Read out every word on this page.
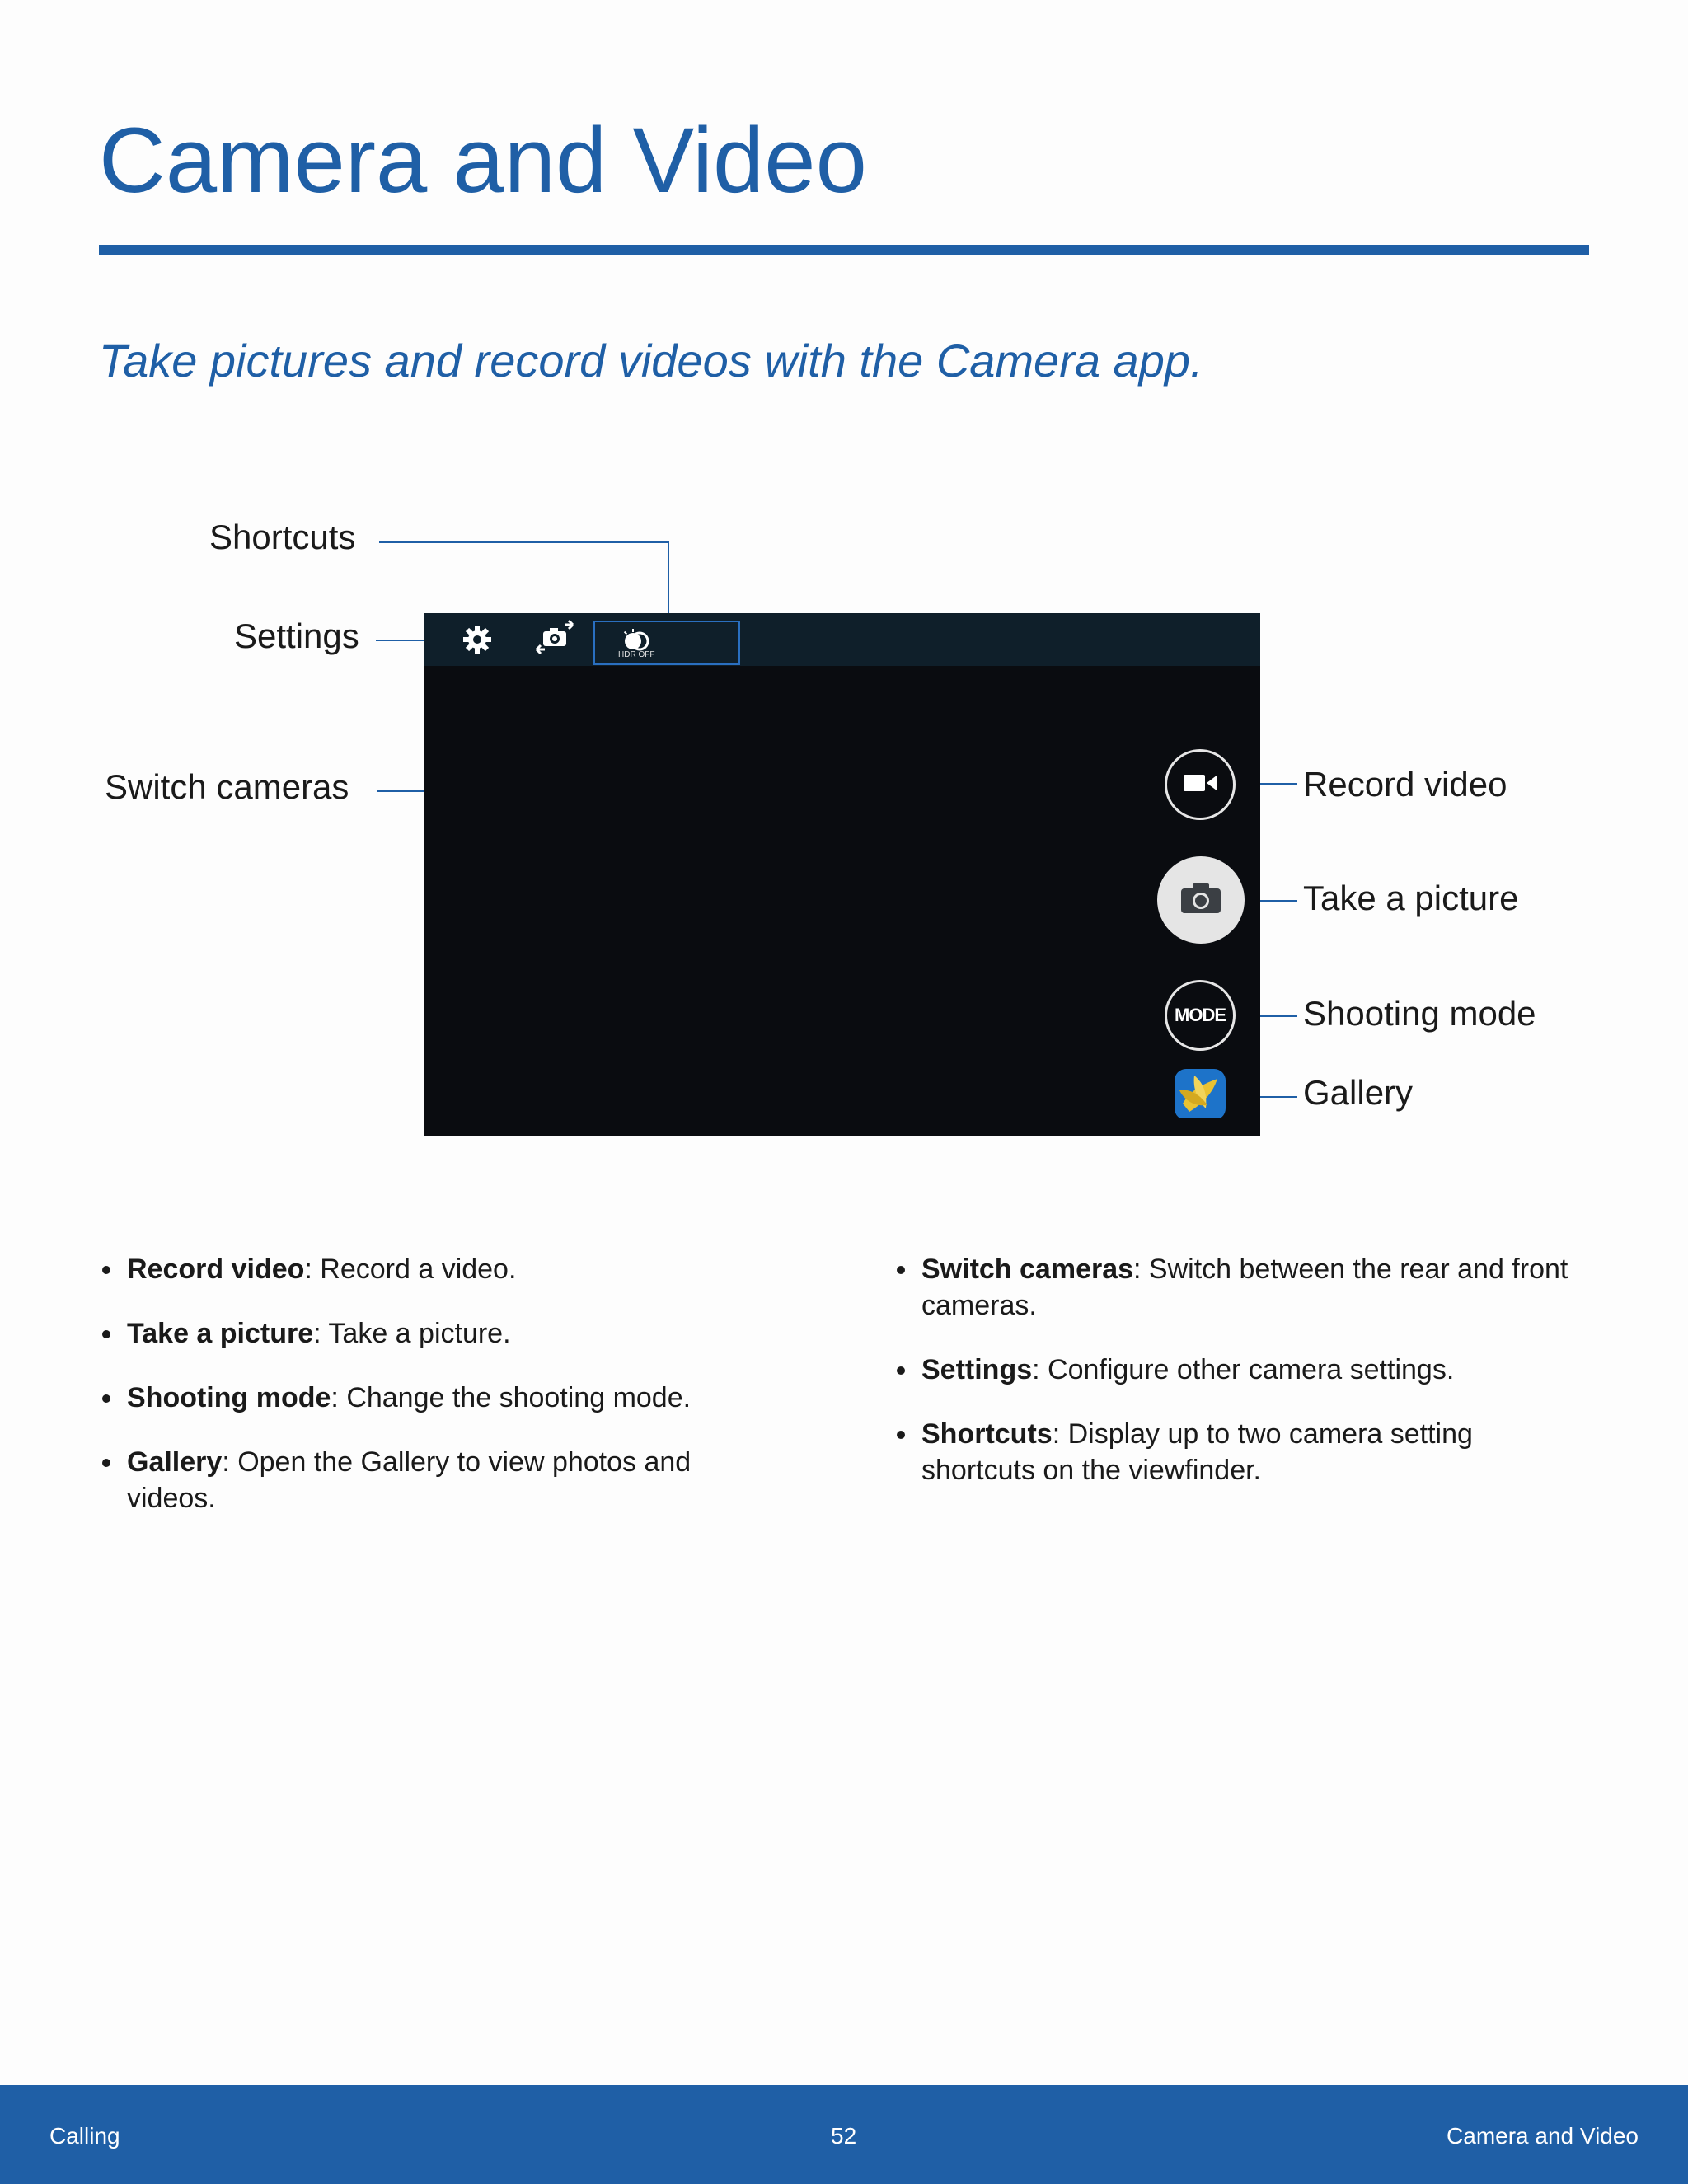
Camera and Video
Take pictures and record videos with the Camera app.
Shortcuts
Settings
Switch cameras	Record video
Take a picture
Shooting mode
Gallery
HDR OFF
MODE
Record video: Record a video.
Take a picture: Take a picture.
Shooting mode: Change the shooting mode.
Gallery: Open the Gallery to view photos and videos.
Switch cameras: Switch between the rear and front cameras.
Settings: Configure other camera settings.
Shortcuts: Display up to two camera setting shortcuts on the viewfinder.
Calling	52	Camera and Video
